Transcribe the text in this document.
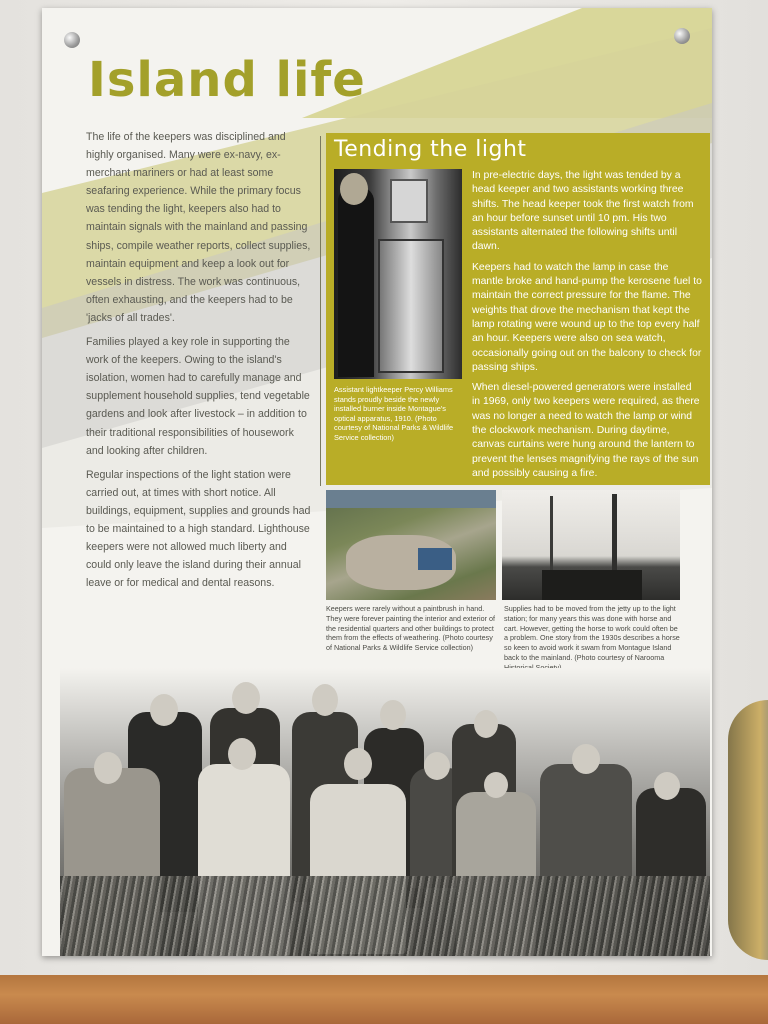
Island life

The life of the keepers was disciplined and highly organised. Many were ex-navy, ex-merchant mariners or had at least some seafaring experience. While the primary focus was tending the light, keepers also had to maintain signals with the mainland and passing ships, compile weather reports, collect supplies, maintain equipment and keep a look out for vessels in distress. The work was continuous, often exhausting, and the keepers had to be 'jacks of all trades'.

Families played a key role in supporting the work of the keepers. Owing to the island's isolation, women had to carefully manage and supplement household supplies, tend vegetable gardens and look after livestock – in addition to their traditional responsibilities of housework and looking after children.

Regular inspections of the light station were carried out, at times with short notice. All buildings, equipment, supplies and grounds had to be maintained to a high standard. Lighthouse keepers were not allowed much liberty and could only leave the island during their annual leave or for medical and dental reasons.

Tending the light
Assistant lightkeeper Percy Williams stands proudly beside the newly installed burner inside Montague's optical apparatus, 1910. (Photo courtesy of National Parks & Wildlife Service collection)

In pre-electric days, the light was tended by a head keeper and two assistants working three shifts. The head keeper took the first watch from an hour before sunset until 10 pm. His two assistants alternated the following shifts until dawn.

Keepers had to watch the lamp in case the mantle broke and hand-pump the kerosene fuel to maintain the correct pressure for the flame. The weights that drove the mechanism that kept the lamp rotating were wound up to the top every half an hour. Keepers were also on sea watch, occasionally going out on the balcony to check for passing ships.

When diesel-powered generators were installed in 1969, only two keepers were required, as there was no longer a need to watch the lamp or wind the clockwork mechanism. During daytime, canvas curtains were hung around the lantern to prevent the lenses magnifying the rays of the sun and possibly causing a fire.

Keepers were rarely without a paintbrush in hand. They were forever painting the interior and exterior of the residential quarters and other buildings to protect them from the effects of weathering. (Photo courtesy of National Parks & Wildlife Service collection)
Supplies had to be moved from the jetty up to the light station; for many years this was done with horse and cart. However, getting the horse to work could often be a problem. One story from the 1930s describes a horse so keen to avoid work it swam from Montague Island back to the mainland. (Photo courtesy of Narooma
